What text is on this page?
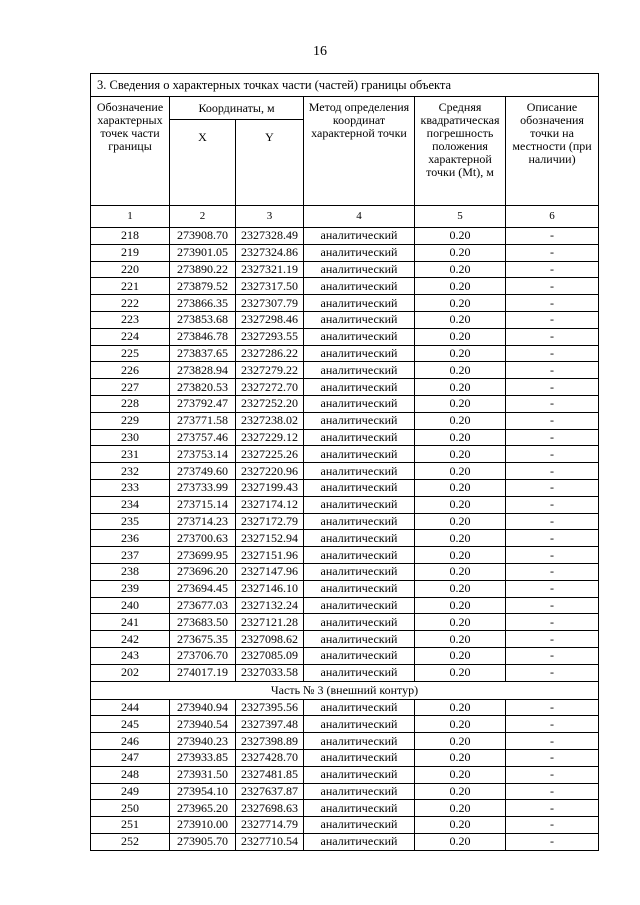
16
3. Сведения о характерных точках части (частей) границы объекта					
Обозначение характерных точек части границы	Координаты, м		Метод определения координат характерной точки	Средняя квадратическая погрешность положения характерной точки (Mt), м	Описание обозначения точки на местности (при наличии)
	X	Y			
1	2	3	4	5	6
218	273908.70	2327328.49	аналитический	0.20	-
219	273901.05	2327324.86	аналитический	0.20	-
220	273890.22	2327321.19	аналитический	0.20	-
221	273879.52	2327317.50	аналитический	0.20	-
222	273866.35	2327307.79	аналитический	0.20	-
223	273853.68	2327298.46	аналитический	0.20	-
224	273846.78	2327293.55	аналитический	0.20	-
225	273837.65	2327286.22	аналитический	0.20	-
226	273828.94	2327279.22	аналитический	0.20	-
227	273820.53	2327272.70	аналитический	0.20	-
228	273792.47	2327252.20	аналитический	0.20	-
229	273771.58	2327238.02	аналитический	0.20	-
230	273757.46	2327229.12	аналитический	0.20	-
231	273753.14	2327225.26	аналитический	0.20	-
232	273749.60	2327220.96	аналитический	0.20	-
233	273733.99	2327199.43	аналитический	0.20	-
234	273715.14	2327174.12	аналитический	0.20	-
235	273714.23	2327172.79	аналитический	0.20	-
236	273700.63	2327152.94	аналитический	0.20	-
237	273699.95	2327151.96	аналитический	0.20	-
238	273696.20	2327147.96	аналитический	0.20	-
239	273694.45	2327146.10	аналитический	0.20	-
240	273677.03	2327132.24	аналитический	0.20	-
241	273683.50	2327121.28	аналитический	0.20	-
242	273675.35	2327098.62	аналитический	0.20	-
243	273706.70	2327085.09	аналитический	0.20	-
202	274017.19	2327033.58	аналитический	0.20	-
Часть № 3 (внешний контур)					
244	273940.94	2327395.56	аналитический	0.20	-
245	273940.54	2327397.48	аналитический	0.20	-
246	273940.23	2327398.89	аналитический	0.20	-
247	273933.85	2327428.70	аналитический	0.20	-
248	273931.50	2327481.85	аналитический	0.20	-
249	273954.10	2327637.87	аналитический	0.20	-
250	273965.20	2327698.63	аналитический	0.20	-
251	273910.00	2327714.79	аналитический	0.20	-
252	273905.70	2327710.54	аналитический	0.20	-
